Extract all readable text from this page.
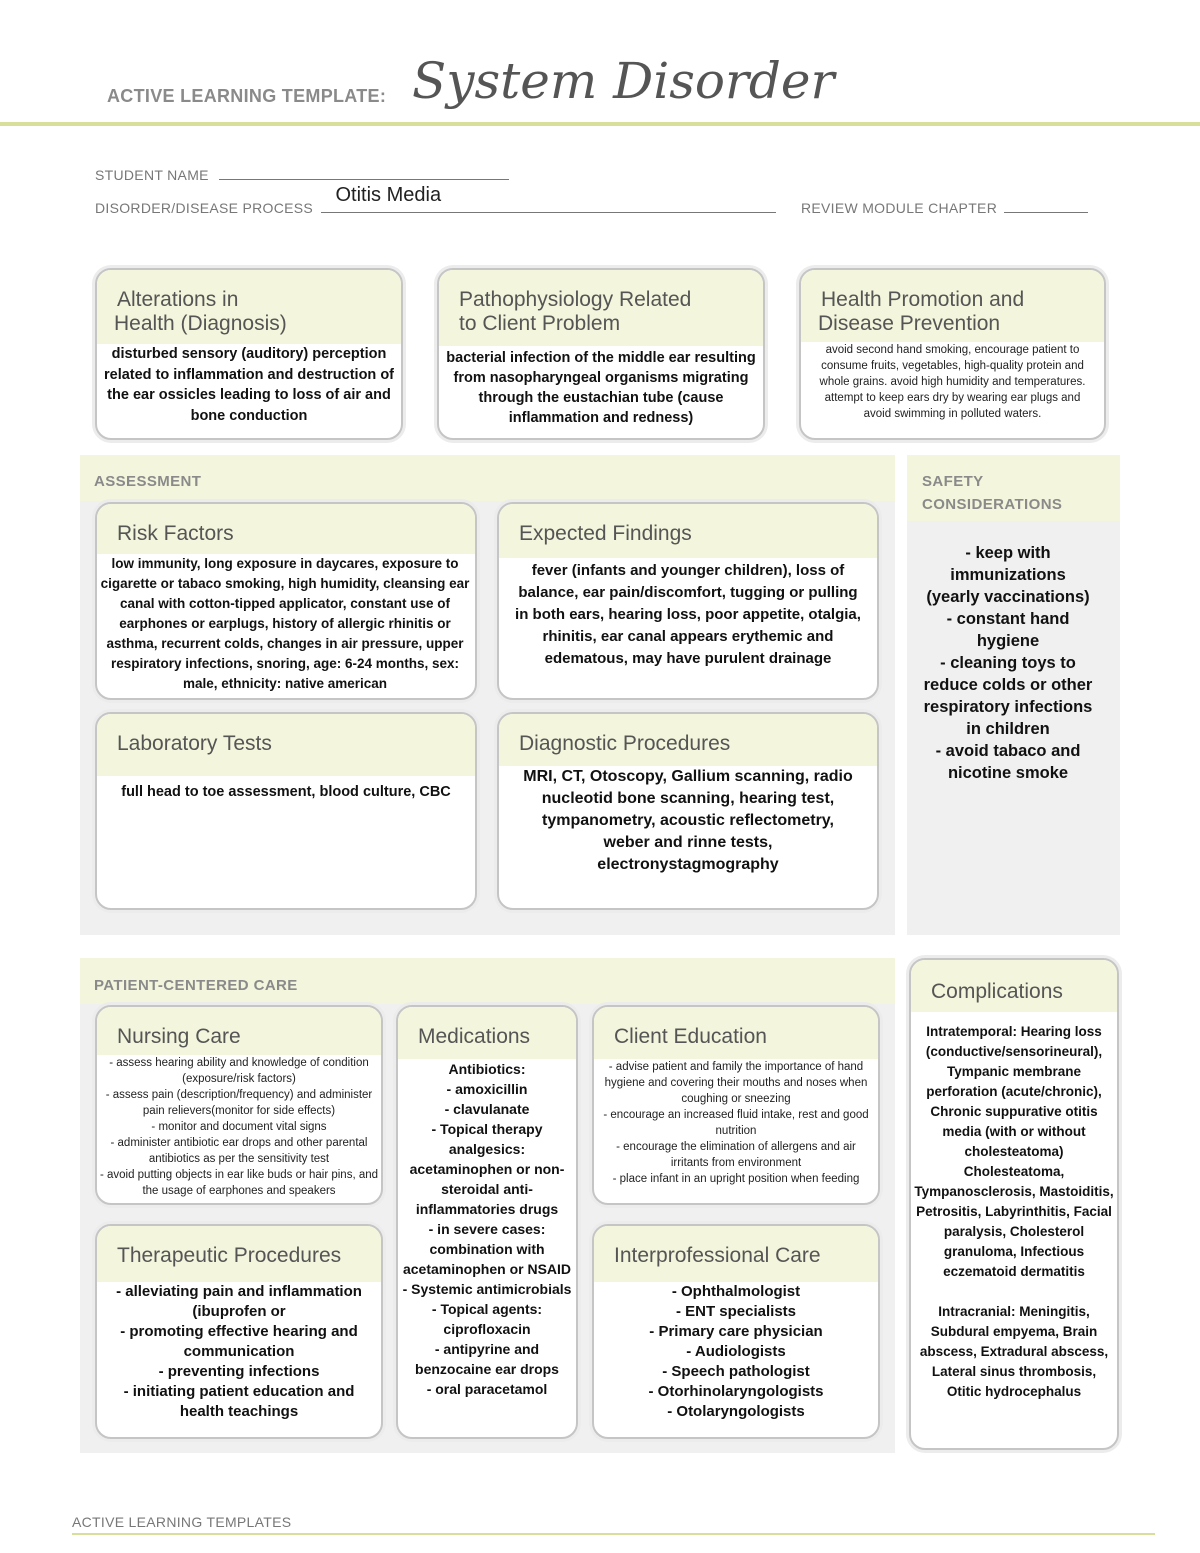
ACTIVE LEARNING TEMPLATE: System Disorder
STUDENT NAME
DISORDER/DISEASE PROCESS
Otitis Media
REVIEW MODULE CHAPTER
Alterations in
Health (Diagnosis)
disturbed sensory (auditory) perception related to inflammation and destruction of the ear ossicles leading to loss of air and bone conduction
Pathophysiology Related
to Client Problem
bacterial infection of the middle ear resulting from nasopharyngeal organisms migrating through the eustachian tube (cause inflammation and redness)
Health Promotion and
Disease Prevention
avoid second hand smoking, encourage patient to consume fruits, vegetables, high-quality protein and whole grains. avoid high humidity and temperatures. attempt to keep ears dry by wearing ear plugs and avoid swimming in polluted waters.
ASSESSMENT
Risk Factors
low immunity, long exposure in daycares, exposure to cigarette or tabaco smoking, high humidity, cleansing ear canal with cotton-tipped applicator, constant use of earphones or earplugs, history of allergic rhinitis or asthma, recurrent colds, changes in air pressure, upper respiratory infections, snoring, age: 6-24 months, sex: male, ethnicity: native american
Expected Findings
fever (infants and younger children), loss of balance, ear pain/discomfort, tugging or pulling in both ears, hearing loss, poor appetite, otalgia, rhinitis, ear canal appears erythemic and edematous, may have purulent drainage
Laboratory Tests
full head to toe assessment, blood culture, CBC
Diagnostic Procedures
MRI, CT, Otoscopy, Gallium scanning, radio nucleotid bone scanning, hearing test, tympanometry, acoustic reflectometry, weber and rinne tests, electronystagmography
SAFETY
CONSIDERATIONS
- keep with immunizations (yearly vaccinations)
- constant hand hygiene
- cleaning toys to reduce colds or other respiratory infections in children
- avoid tabaco and nicotine smoke
PATIENT-CENTERED CARE
Nursing Care
- assess hearing ability and knowledge of condition (exposure/risk factors)
- assess pain (description/frequency) and administer pain relievers(monitor for side effects)
- monitor and document vital signs
- administer antibiotic ear drops and other parental antibiotics as per the sensitivity test
- avoid putting objects in ear like buds or hair pins, and the usage of earphones and speakers
Medications
Antibiotics:
- amoxicillin
- clavulanate
- Topical therapy analgesics: acetaminophen or non-steroidal anti-inflammatories drugs
- in severe cases: combination with acetaminophen or NSAID
- Systemic antimicrobials
- Topical agents: ciprofloxacin
- antipyrine and benzocaine ear drops
- oral paracetamol
Client Education
- advise patient and family the importance of hand hygiene and covering their mouths and noses when coughing or sneezing
- encourage an increased fluid intake, rest and good nutrition
- encourage the elimination of allergens and air irritants from environment
- place infant in an upright position when feeding
Therapeutic Procedures
- alleviating pain and inflammation (ibuprofen or
- promoting effective hearing and communication
- preventing infections
- initiating patient education and health teachings
Interprofessional Care
- Ophthalmologist
- ENT specialists
- Primary care physician
- Audiologists
- Speech pathologist
- Otorhinolaryngologists
- Otolaryngologists
Complications
Intratemporal: Hearing loss (conductive/sensorineural), Tympanic membrane perforation (acute/chronic), Chronic suppurative otitis media (with or without cholesteatoma) Cholesteatoma, Tympanosclerosis, Mastoiditis, Petrositis, Labyrinthitis, Facial paralysis, Cholesterol granuloma, Infectious eczematoid dermatitis
Intracranial: Meningitis, Subdural empyema, Brain abscess, Extradural abscess, Lateral sinus thrombosis, Otitic hydrocephalus
ACTIVE LEARNING TEMPLATES
